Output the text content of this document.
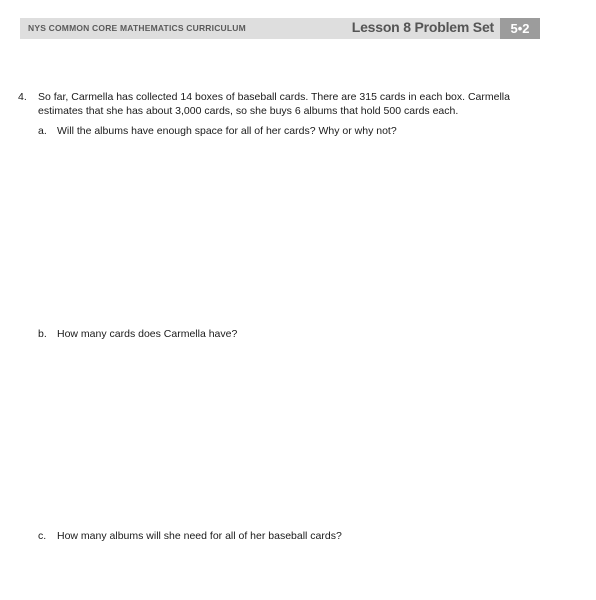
NYS COMMON CORE MATHEMATICS CURRICULUM	Lesson 8 Problem Set	5•2
4. So far, Carmella has collected 14 boxes of baseball cards. There are 315 cards in each box. Carmella estimates that she has about 3,000 cards, so she buys 6 albums that hold 500 cards each.
a. Will the albums have enough space for all of her cards? Why or why not?
b. How many cards does Carmella have?
c. How many albums will she need for all of her baseball cards?
